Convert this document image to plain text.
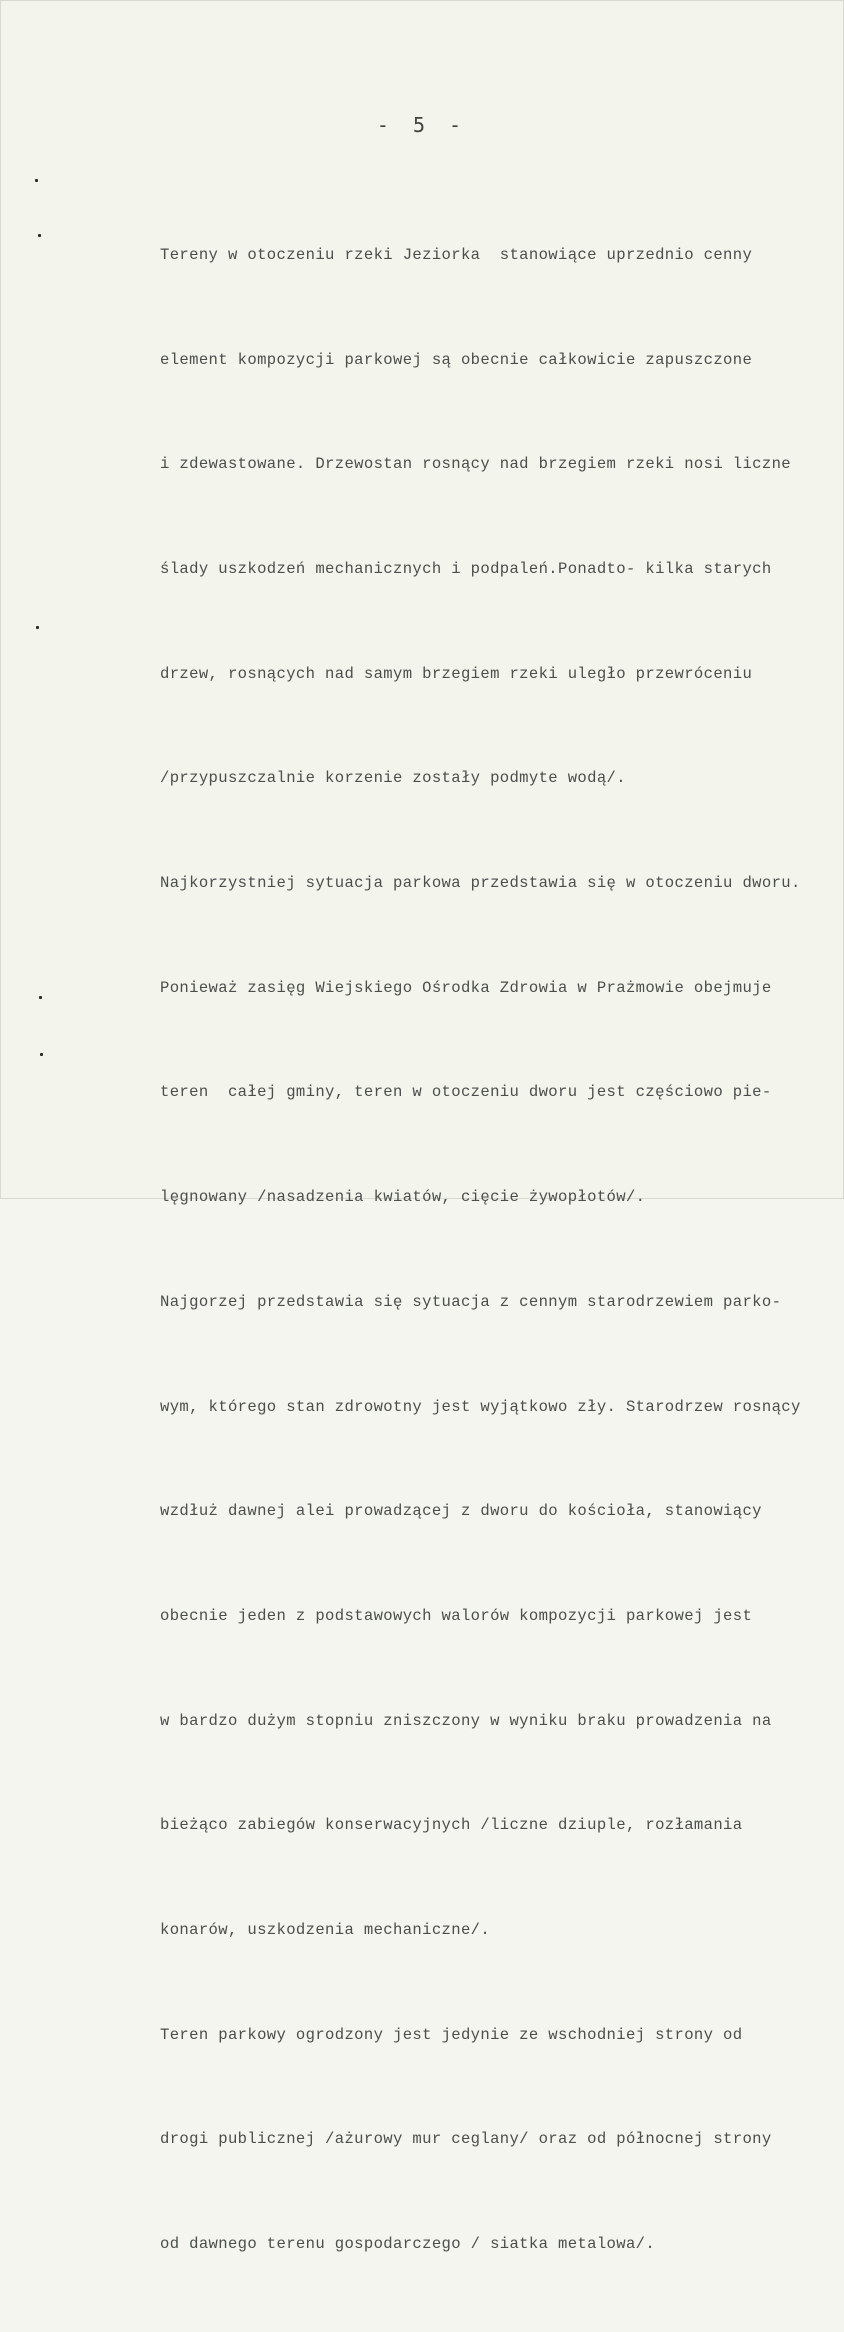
- 5 -

Tereny w otoczeniu rzeki Jeziorka  stanowiące uprzednio cenny

element kompozycji parkowej są obecnie całkowicie zapuszczone

i zdewastowane. Drzewostan rosnący nad brzegiem rzeki nosi liczne

ślady uszkodzeń mechanicznych i podpaleń.Ponadto- kilka starych

drzew, rosnących nad samym brzegiem rzeki uległo przewróceniu

/przypuszczalnie korzenie zostały podmyte wodą/.

Najkorzystniej sytuacja parkowa przedstawia się w otoczeniu dworu.

Ponieważ zasięg Wiejskiego Ośrodka Zdrowia w Prażmowie obejmuje

teren  całej gminy, teren w otoczeniu dworu jest częściowo pie-

lęgnowany /nasadzenia kwiatów, cięcie żywopłotów/.

Najgorzej przedstawia się sytuacja z cennym starodrzewiem parko-

wym, którego stan zdrowotny jest wyjątkowo zły. Starodrzew rosnący

wzdłuż dawnej alei prowadzącej z dworu do kościoła, stanowiący

obecnie jeden z podstawowych walorów kompozycji parkowej jest

w bardzo dużym stopniu zniszczony w wyniku braku prowadzenia na

bieżąco zabiegów konserwacyjnych /liczne dziuple, rozłamania

konarów, uszkodzenia mechaniczne/.

Teren parkowy ogrodzony jest jedynie ze wschodniej strony od

drogi publicznej /ażurowy mur ceglany/ oraz od północnej strony

od dawnego terenu gospodarczego / siatka metalowa/.
